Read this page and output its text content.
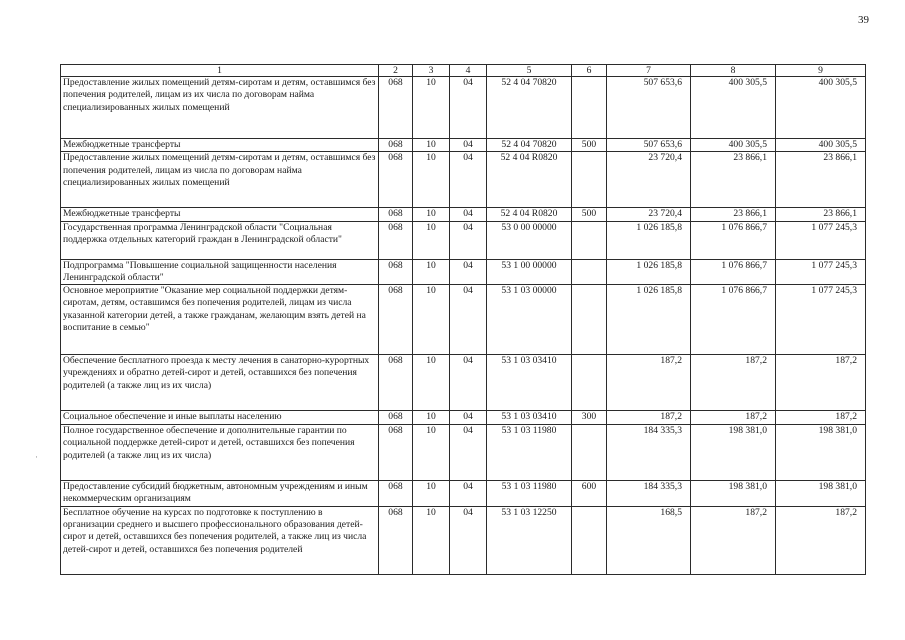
39
·
1	2	3	4	5	6	7	8	9
Предоставление жилых помещений детям-сиротам и детям, оставшимся без попечения родителей, лицам из их числа по договорам найма специализированных жилых помещений	068	10	04	52 4 04 70820		507 653,6	400 305,5	400 305,5
Межбюджетные трансферты	068	10	04	52 4 04 70820	500	507 653,6	400 305,5	400 305,5
Предоставление жилых помещений детям-сиротам и детям, оставшимся без попечения родителей, лицам из числа по договорам найма специализированных жилых помещений	068	10	04	52 4 04 R0820		23 720,4	23 866,1	23 866,1
Межбюджетные трансферты	068	10	04	52 4 04 R0820	500	23 720,4	23 866,1	23 866,1
Государственная программа Ленинградской области "Социальная поддержка отдельных категорий граждан в Ленинградской области"	068	10	04	53 0 00 00000		1 026 185,8	1 076 866,7	1 077 245,3
Подпрограмма "Повышение социальной защищенности населения Ленинградской области"	068	10	04	53 1 00 00000		1 026 185,8	1 076 866,7	1 077 245,3
Основное мероприятие "Оказание мер социальной поддержки детям-сиротам, детям, оставшимся без попечения родителей, лицам из числа указанной категории детей, а также гражданам, желающим взять детей на воспитание в семью"	068	10	04	53 1 03 00000		1 026 185,8	1 076 866,7	1 077 245,3
Обеспечение бесплатного проезда к месту лечения в санаторно-курортных учреждениях и обратно детей-сирот и детей, оставшихся без попечения родителей (а также лиц из их числа)	068	10	04	53 1 03 03410		187,2	187,2	187,2
Социальное обеспечение и иные выплаты населению	068	10	04	53 1 03 03410	300	187,2	187,2	187,2
Полное государственное обеспечение и дополнительные гарантии по социальной поддержке детей-сирот и детей, оставшихся без попечения родителей (а также лиц из их числа)	068	10	04	53 1 03 11980		184 335,3	198 381,0	198 381,0
Предоставление субсидий бюджетным, автономным учреждениям и иным некоммерческим организациям	068	10	04	53 1 03 11980	600	184 335,3	198 381,0	198 381,0
Бесплатное обучение на курсах по подготовке к поступлению в организации среднего и высшего профессионального образования детей-сирот и детей, оставшихся без попечения родителей, а также лиц из числа детей-сирот и детей, оставшихся без попечения родителей	068	10	04	53 1 03 12250		168,5	187,2	187,2
